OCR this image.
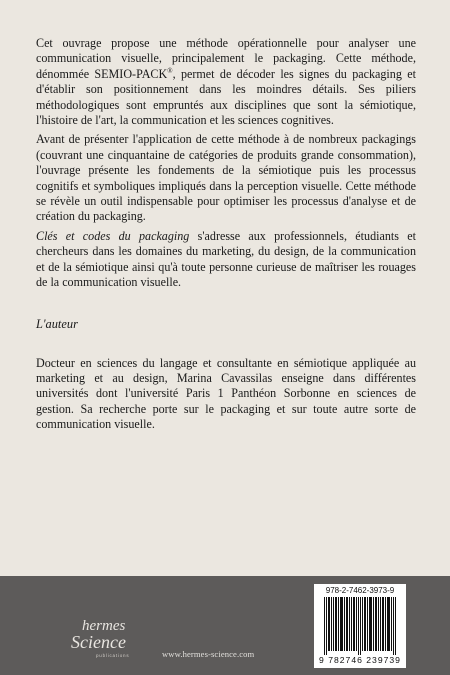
Cet ouvrage propose une méthode opérationnelle pour analyser une communication visuelle, principalement le packaging. Cette méthode, dénommée SEMIO-PACK®, permet de décoder les signes du packaging et d'établir son positionnement dans les moindres détails. Ses piliers méthodologiques sont empruntés aux disciplines que sont la sémiotique, l'histoire de l'art, la communication et les sciences cognitives.

Avant de présenter l'application de cette méthode à de nombreux packagings (couvrant une cinquantaine de catégories de produits grande consommation), l'ouvrage présente les fondements de la sémiotique puis les processus cognitifs et symboliques impliqués dans la perception visuelle. Cette méthode se révèle un outil indispensable pour optimiser les processus d'analyse et de création du packaging.

Clés et codes du packaging s'adresse aux professionnels, étudiants et chercheurs dans les domaines du marketing, du design, de la communication et de la sémiotique ainsi qu'à toute personne curieuse de maîtriser les rouages de la communication visuelle.

L'auteur

Docteur en sciences du langage et consultante en sémiotique appliquée au marketing et au design, Marina Cavassilas enseigne dans différentes universités dont l'université Paris 1 Panthéon Sorbonne en sciences de gestion. Sa recherche porte sur le packaging et sur toute autre sorte de communication visuelle.

hermes
Science
publications	www.hermes-science.com
978-2-7462-3973-9
9 782746 239739
